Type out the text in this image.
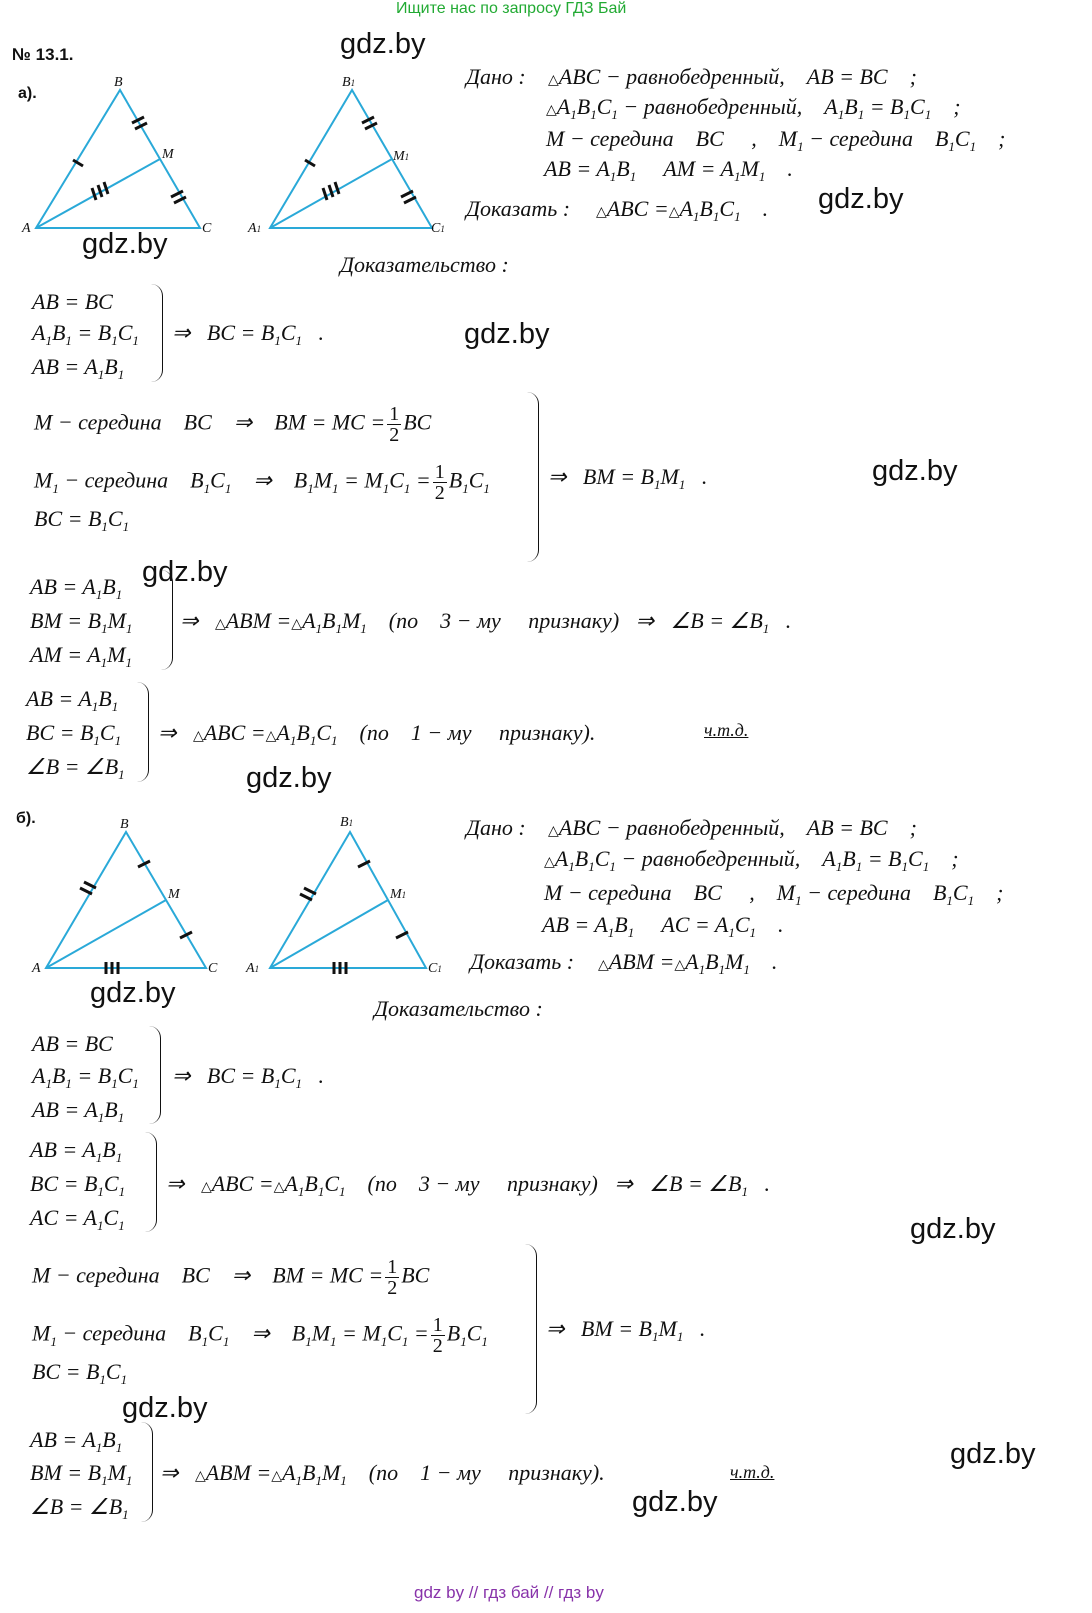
Ищите нас по запросу ГДЗ Бай
gdz by // гдз бай // гдз by
№ 13.1.	gdz.by
gdz.by
gdz.by
gdz.by
gdz.by
gdz.by
gdz.by
gdz.by
gdz.by
gdz.by
gdz.by
gdz.by
а).
A
B
C
M
A1
B1
C1
M1
Дано : △ABC − равнобедренный,    AB = BC    ;
$\triangle A_1B_1C_1$ − равнобедренный,    $A_1B_1 = B_1C_1$    ;
M − середина    BC     ,    $M_1$ − середина    $B_1C_1$    ;
AB = $A_1B_1$     AM = $A_1M_1$    .
Доказать : △ABC $=\triangle A_1B_1C_1$    .
Доказательство :
AB = BC
$A_1B_1 = B_1C_1$
AB = $A_1B_1$
⇒   BC = $B_1C_1$   .
M − середина    BC    ⇒    BM = MC = $\frac{1}{2}$ BC
$M_1$ − середина    $B_1C_1$    ⇒    $B_1M_1 = M_1C_1 = \frac{1}{2} B_1C_1$
BC = $B_1C_1$
⇒   BM = $B_1M_1$   .
AB = $A_1B_1$
BM = $B_1M_1$
AM = $A_1M_1$
⇒   △ABM $=\triangle A_1B_1M_1$    (по    3 − му     признаку)   ⇒   ∠B = $\angle B_1$   .
AB = $A_1B_1$
BC = $B_1C_1$
∠B = $\angle B_1$
⇒   △ABC $=\triangle A_1B_1C_1$    (по    1 − му     признаку).	ч.т.д.
б).
A
B
C
M
A1
B1
C1
M1
Дано : △ABC − равнобедренный,    AB = BC    ;
$\triangle A_1B_1C_1$ − равнобедренный,    $A_1B_1 = B_1C_1$    ;
M − середина    BC     ,    $M_1$ − середина    $B_1C_1$    ;
AB = $A_1B_1$     AC = $A_1C_1$    .
Доказать : △ABM $=\triangle A_1B_1M_1$    .
Доказательство :
AB = BC
$A_1B_1 = B_1C_1$
AB = $A_1B_1$
⇒   BC = $B_1C_1$   .
AB = $A_1B_1$
BC = $B_1C_1$
AC = $A_1C_1$
⇒   △ABC $=\triangle A_1B_1C_1$    (по    3 − му     признаку)   ⇒   ∠B = $\angle B_1$   .
M − середина    BC    ⇒    BM = MC = $\frac{1}{2}$ BC
$M_1$ − середина    $B_1C_1$    ⇒    $B_1M_1 = M_1C_1 = \frac{1}{2} B_1C_1$
BC = $B_1C_1$
⇒   BM = $B_1M_1$   .
AB = $A_1B_1$
BM = $B_1M_1$
∠B = $\angle B_1$
⇒   △ABM $=\triangle A_1B_1M_1$    (по    1 − му     признаку).	ч.т.д.
